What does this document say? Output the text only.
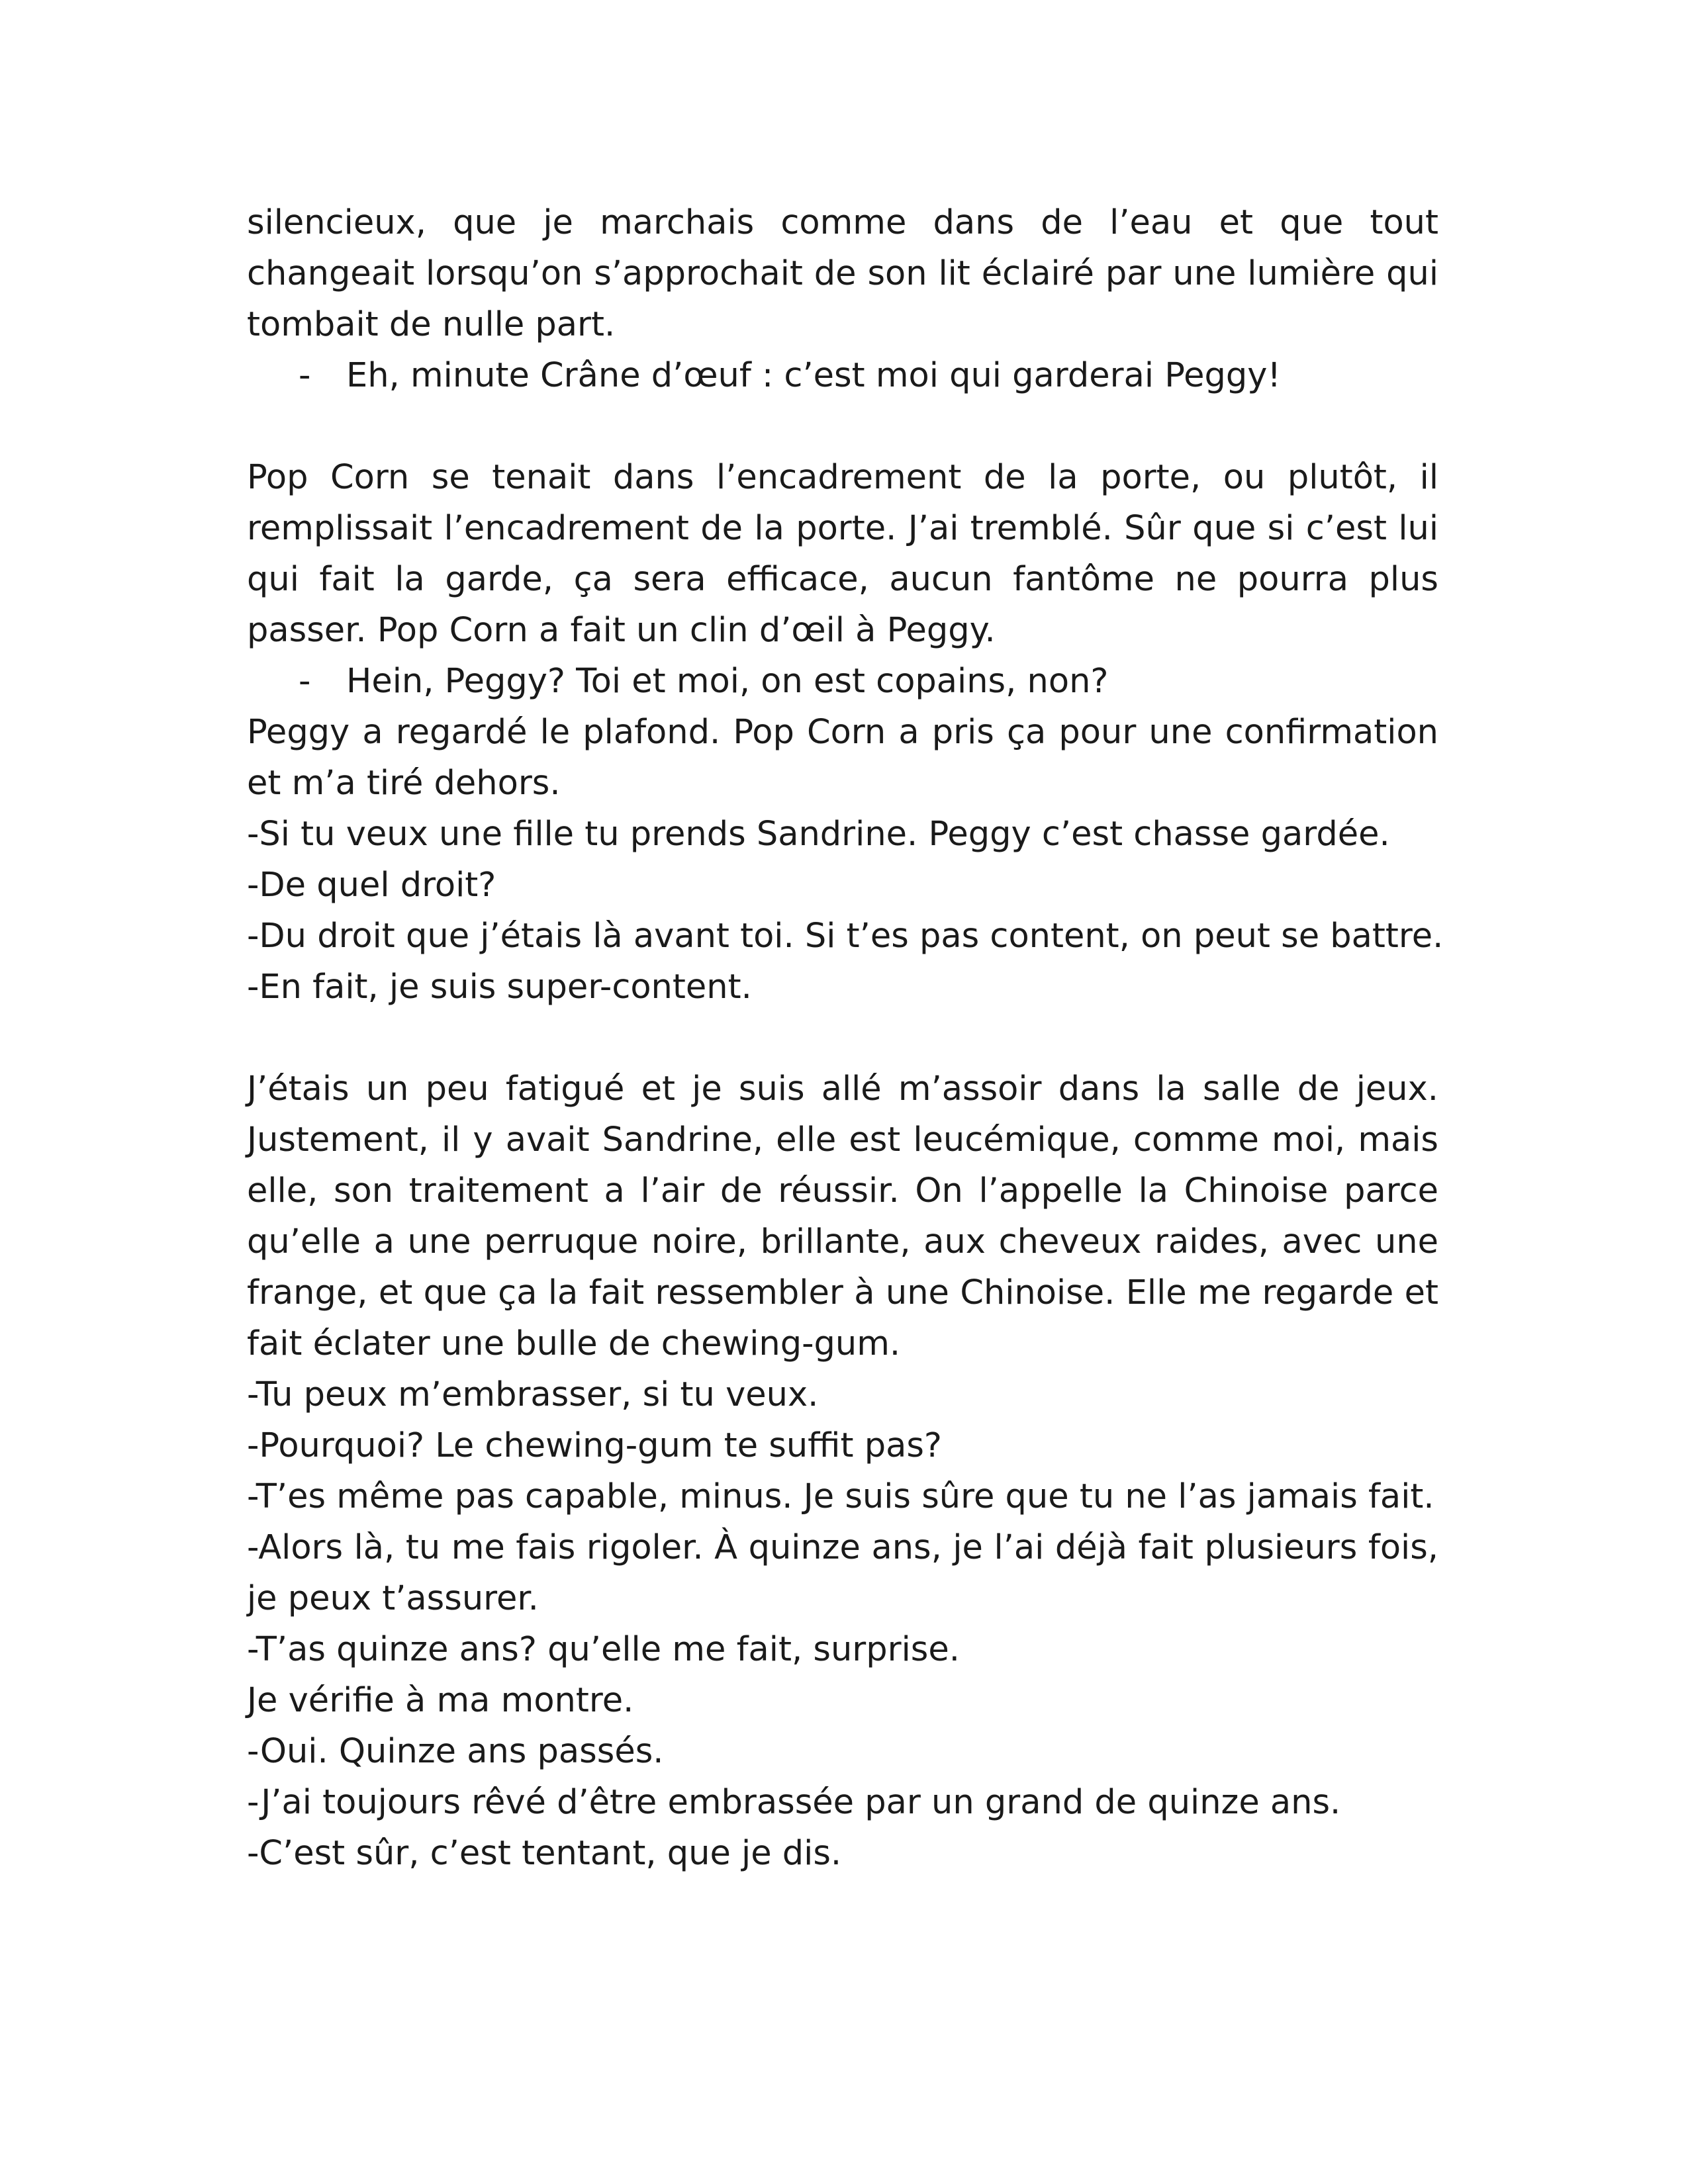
silencieux, que je marchais comme dans de l’eau et que tout changeait lorsqu’on s’approchait de son lit éclairé par une lumière qui tombait de nulle part.

- Eh, minute Crâne d’œuf : c’est moi qui garderai Peggy!

Pop Corn se tenait dans l’encadrement de la porte, ou plutôt, il remplissait l’encadrement de la porte. J’ai tremblé. Sûr que si c’est lui qui fait la garde, ça sera efficace, aucun fantôme ne pourra plus passer. Pop Corn a fait un clin d’œil à Peggy.

- Hein, Peggy? Toi et moi, on est copains, non?

Peggy a regardé le plafond. Pop Corn a pris ça pour une confirmation et m’a tiré dehors.

-Si tu veux une fille tu prends Sandrine. Peggy c’est chasse gardée.

-De quel droit?

-Du droit que j’étais là avant toi. Si t’es pas content, on peut se battre.

-En fait, je suis super-content.

J’étais un peu fatigué et je suis allé m’assoir dans la salle de jeux. Justement, il y avait Sandrine, elle est leucémique, comme moi, mais elle, son traitement a l’air de réussir. On l’appelle la Chinoise parce qu’elle a une perruque noire, brillante, aux cheveux raides, avec une frange, et que ça la fait ressembler à une Chinoise. Elle me regarde et fait éclater une bulle de chewing-gum.

-Tu peux m’embrasser, si tu veux.

-Pourquoi? Le chewing-gum te suffit pas?

-T’es même pas capable, minus. Je suis sûre que tu ne l’as jamais fait.

-Alors là, tu me fais rigoler. À quinze ans, je l’ai déjà fait plusieurs fois, je peux t’assurer.

-T’as quinze ans? qu’elle me fait, surprise.

Je vérifie à ma montre.

-Oui. Quinze ans passés.

-J’ai toujours rêvé d’être embrassée par un grand de quinze ans.

-C’est sûr, c’est tentant, que je dis.
